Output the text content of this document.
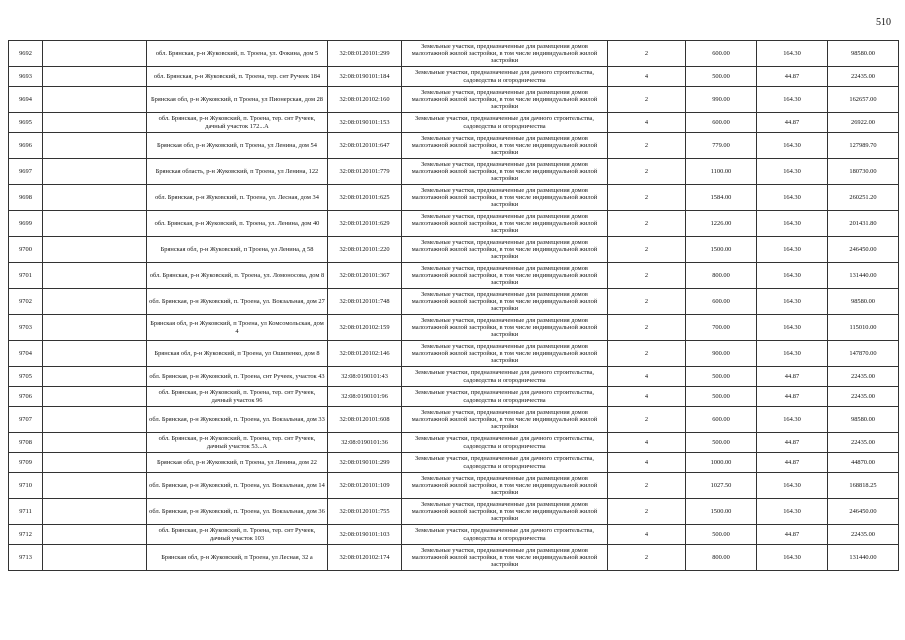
510
9692		обл. Брянская, р-н Жуковский, п. Троена, ул. Фокина, дом 5	32:08:0120101:299	Земельные участки, предназначенные для размещения домов малоэтажной жилой застройки, в том числе индивидуальной жилой застройки	2	600.00	164.30	98580.00
9693		обл. Брянская, р-н Жуковский, п. Троена, тер. снт Ручеек 184	32:08:0190101:184	Земельные участки, предназначенные для дачного строительства, садоводства и огородничества	4	500.00	44.87	22435.00
9694		Брянская обл, р-н Жуковский, п Троена, ул Пионерская, дом 28	32:08:0120102:160	Земельные участки, предназначенные для размещения домов малоэтажной жилой застройки, в том числе индивидуальной жилой застройки	2	990.00	164.30	162657.00
9695		обл. Брянская, р-н Жуковский, п. Троена, тер. снт Ручеек, дачный участок 172...А	32:08:0190101:153	Земельные участки, предназначенные для дачного строительства, садоводства и огородничества	4	600.00	44.87	26922.00
9696		Брянская обл, р-н Жуковский, п Троена, ул Ленина, дом 54	32:08:0120101:647	Земельные участки, предназначенные для размещения домов малоэтажной жилой застройки, в том числе индивидуальной жилой застройки	2	779.00	164.30	127989.70
9697		Брянская область, р-н Жуковский, п Троена, ул Ленина, 122	32:08:0120101:779	Земельные участки, предназначенные для размещения домов малоэтажной жилой застройки, в том числе индивидуальной жилой застройки	2	1100.00	164.30	180730.00
9698		обл. Брянская, р-н Жуковский, п. Троена, ул. Лесная, дом 34	32:08:0120101:625	Земельные участки, предназначенные для размещения домов малоэтажной жилой застройки, в том числе индивидуальной жилой застройки	2	1584.00	164.30	260251.20
9699		обл. Брянская, р-н Жуковский, п. Троена, ул. Ленина, дом 40	32:08:0120101:629	Земельные участки, предназначенные для размещения домов малоэтажной жилой застройки, в том числе индивидуальной жилой застройки	2	1226.00	164.30	201431.80
9700		Брянская обл, р-н Жуковский, п Троена, ул Ленина, д 58	32:08:0120101:220	Земельные участки, предназначенные для размещения домов малоэтажной жилой застройки, в том числе индивидуальной жилой застройки	2	1500.00	164.30	246450.00
9701		обл. Брянская, р-н Жуковский, п. Троена, ул. Ломоносова, дом 8	32:08:0120101:367	Земельные участки, предназначенные для размещения домов малоэтажной жилой застройки, в том числе индивидуальной жилой застройки	2	800.00	164.30	131440.00
9702		обл. Брянская, р-н Жуковский, п. Троена, ул. Вокзальная, дом 27	32:08:0120101:748	Земельные участки, предназначенные для размещения домов малоэтажной жилой застройки, в том числе индивидуальной жилой застройки	2	600.00	164.30	98580.00
9703		Брянская обл, р-н Жуковский, п Троена, ул Комсомольская, дом 4	32:08:0120102:159	Земельные участки, предназначенные для размещения домов малоэтажной жилой застройки, в том числе индивидуальной жилой застройки	2	700.00	164.30	115010.00
9704		Брянская обл, р-н Жуковский, п Троена, ул Ошипенко, дом 8	32:08:0120102:146	Земельные участки, предназначенные для размещения домов малоэтажной жилой застройки, в том числе индивидуальной жилой застройки	2	900.00	164.30	147870.00
9705		обл. Брянская, р-н Жуковский, п. Троена, снт Ручеек, участок 43	32:08:0190101:43	Земельные участки, предназначенные для дачного строительства, садоводства и огородничества	4	500.00	44.87	22435.00
9706		обл. Брянская, р-н Жуковский, п. Троена, тер. снт Ручеек, дачный участок 96	32:08:0190101:96	Земельные участки, предназначенные для дачного строительства, садоводства и огородничества	4	500.00	44.87	22435.00
9707		обл. Брянская, р-н Жуковский, п. Троена, ул. Вокзальная, дом 33	32:08:0120101:608	Земельные участки, предназначенные для размещения домов малоэтажной жилой застройки, в том числе индивидуальной жилой застройки	2	600.00	164.30	98580.00
9708		обл. Брянская, р-н Жуковский, п. Троена, тер. снт Ручеек, дачный участок 53...А	32:08:0190101:36	Земельные участки, предназначенные для дачного строительства, садоводства и огородничества	4	500.00	44.87	22435.00
9709		Брянская обл, р-н Жуковский, п Троена, ул Ленина, дом 22	32:08:0190101:299	Земельные участки, предназначенные для дачного строительства, садоводства и огородничества	4	1000.00	44.87	44870.00
9710		обл. Брянская, р-н Жуковский, п. Троена, ул. Вокзальная, дом 14	32:08:0120101:109	Земельные участки, предназначенные для размещения домов малоэтажной жилой застройки, в том числе индивидуальной жилой застройки	2	1027.50	164.30	168818.25
9711		обл. Брянская, р-н Жуковский, п. Троена, ул. Вокзальная, дом 36	32:08:0120101:755	Земельные участки, предназначенные для размещения домов малоэтажной жилой застройки, в том числе индивидуальной жилой застройки	2	1500.00	164.30	246450.00
9712		обл. Брянская, р-н Жуковский, п. Троена, тер. снт Ручеек, дачный участок 103	32:08:0190101:103	Земельные участки, предназначенные для дачного строительства, садоводства и огородничества	4	500.00	44.87	22435.00
9713		Брянская обл, р-н Жуковский, п Троена, ул Лесная, 32 а	32:08:0120102:174	Земельные участки, предназначенные для размещения домов малоэтажной жилой застройки, в том числе индивидуальной жилой застройки	2	800.00	164.30	131440.00
